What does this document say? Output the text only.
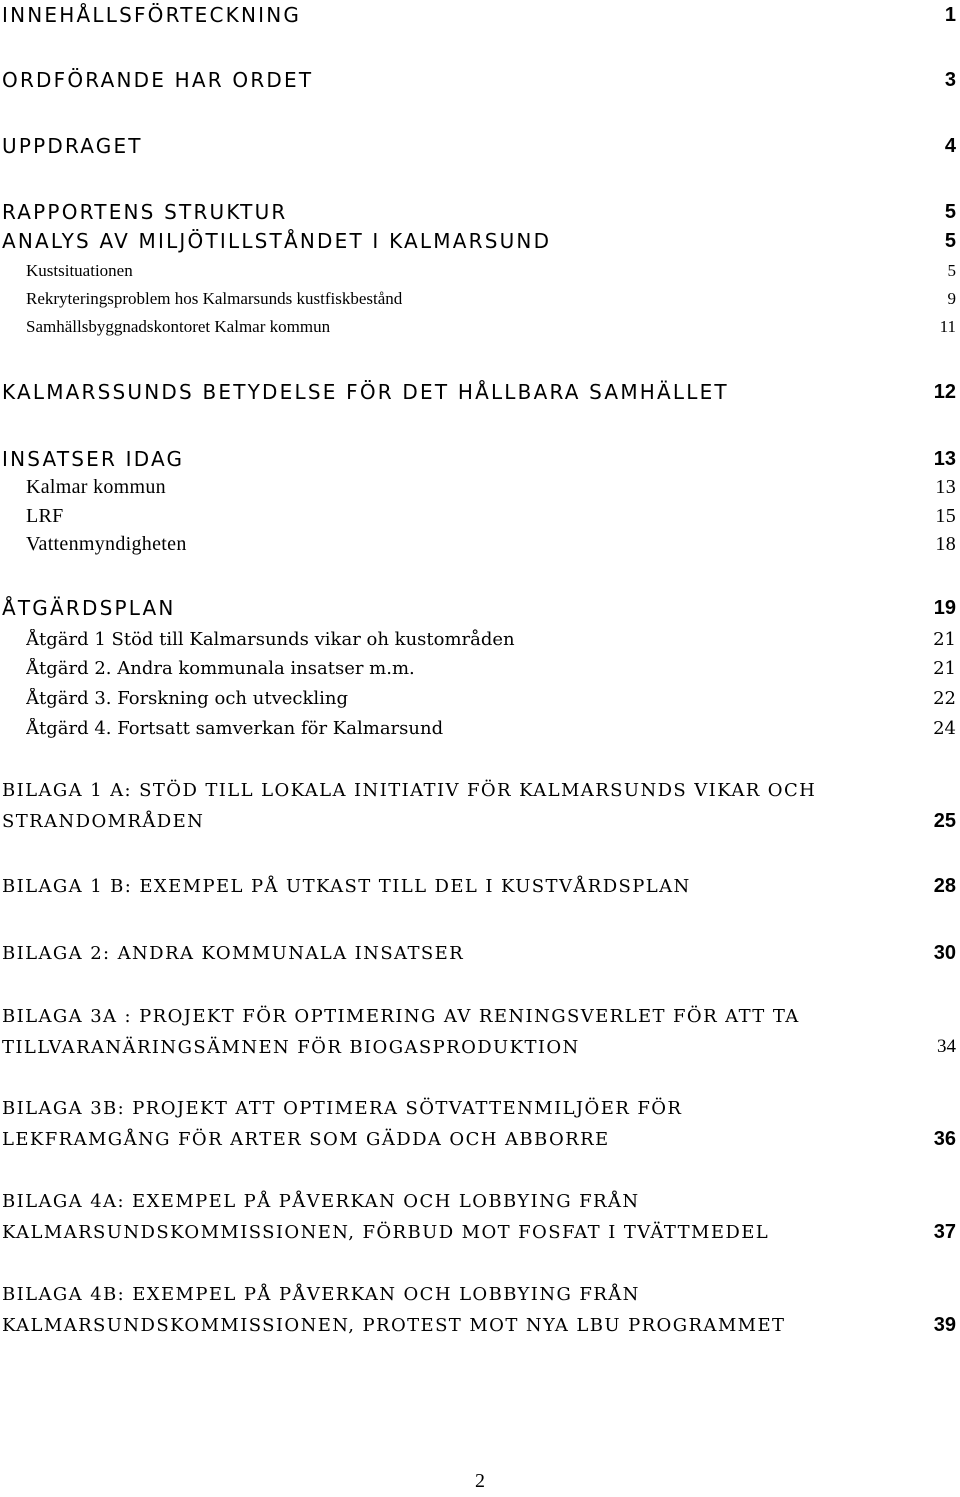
INNEHÅLLSFÖRTECKNING	1
ORDFÖRANDE HAR ORDET	3
UPPDRAGET	4
RAPPORTENS STRUKTUR	5
ANALYS AV MILJÖTILLSTÅNDET I KALMARSUND	5
Kustsituationen	5
Rekryteringsproblem hos Kalmarsunds kustfiskbestånd	9
Samhällsbyggnadskontoret Kalmar kommun	11
KALMARSSUNDS BETYDELSE FÖR DET HÅLLBARA SAMHÄLLET	12
INSATSER IDAG	13
Kalmar kommun	13
LRF	15
Vattenmyndigheten	18
ÅTGÄRDSPLAN	19
Åtgärd 1 Stöd till Kalmarsunds vikar oh kustområden	21
Åtgärd 2. Andra kommunala insatser m.m.	21
Åtgärd 3. Forskning och utveckling	22
Åtgärd 4. Fortsatt samverkan för Kalmarsund	24
BILAGA 1 A: STÖD TILL LOKALA INITIATIV FÖR KALMARSUNDS VIKAR OCH
STRANDOMRÅDEN	25
BILAGA 1 B: EXEMPEL PÅ UTKAST TILL DEL I KUSTVÅRDSPLAN	28
BILAGA 2: ANDRA KOMMUNALA INSATSER	30
BILAGA 3A : PROJEKT FÖR OPTIMERING AV RENINGSVERLET FÖR ATT TA
TILLVARANÄRINGSÄMNEN FÖR BIOGASPRODUKTION	34
BILAGA 3B: PROJEKT ATT OPTIMERA SÖTVATTENMILJÖER FÖR
LEKFRAMGÅNG FÖR ARTER SOM GÄDDA OCH ABBORRE	36
BILAGA 4A: EXEMPEL PÅ PÅVERKAN OCH LOBBYING FRÅN
KALMARSUNDSKOMMISSIONEN, FÖRBUD MOT FOSFAT I TVÄTTMEDEL	37
BILAGA 4B: EXEMPEL PÅ PÅVERKAN OCH LOBBYING FRÅN
KALMARSUNDSKOMMISSIONEN, PROTEST MOT NYA LBU PROGRAMMET	39
2
